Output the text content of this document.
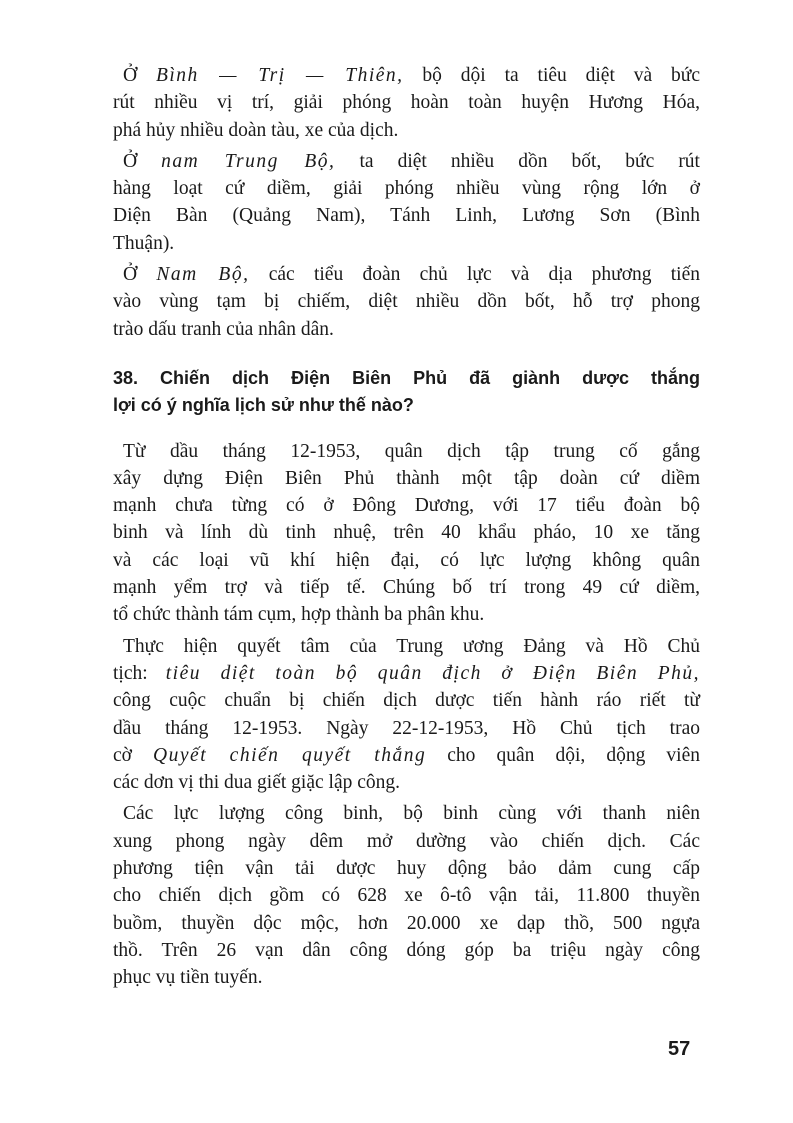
Ở Bình — Trị — Thiên, bộ dội ta tiêu diệt và bức
rút nhiều vị trí, giải phóng hoàn toàn huyện Hương Hóa,
phá hủy nhiều doàn tàu, xe của dịch.
Ở nam Trung Bộ, ta diệt nhiều dồn bốt, bức rút
hàng loạt cứ diềm, giải phóng nhiều vùng rộng lớn ở
Diện Bàn (Quảng Nam), Tánh Linh, Lương Sơn (Bình
Thuận).
Ở Nam Bộ, các tiểu đoàn chủ lực và dịa phương tiến
vào vùng tạm bị chiếm, diệt nhiều dồn bốt, hỗ trợ phong
trào dấu tranh của nhân dân.
38. Chiến dịch Điện Biên Phủ đã giành dược thắng
lợi có ý nghĩa lịch sử như thế nào?
Từ dầu tháng 12-1953, quân dịch tập trung cố gắng
xây dựng Điện Biên Phủ thành một tập doàn cứ diềm
mạnh chưa từng có ở Đông Dương, với 17 tiểu đoàn bộ
binh và lính dù tinh nhuệ, trên 40 khẩu pháo, 10 xe tăng
và các loại vũ khí hiện đại, có lực lượng không quân
mạnh yểm trợ và tiếp tế. Chúng bố trí trong 49 cứ diềm,
tổ chức thành tám cụm, hợp thành ba phân khu.
Thực hiện quyết tâm của Trung ương Đảng và Hồ Chủ
tịch: tiêu diệt toàn bộ quân địch ở Điện Biên Phủ,
công cuộc chuẩn bị chiến dịch dược tiến hành ráo riết từ
dầu tháng 12-1953. Ngày 22-12-1953, Hồ Chủ tịch trao
cờ Quyết chiến quyết thắng cho quân dội, dộng viên
các dơn vị thi dua giết giặc lập công.
Các lực lượng công binh, bộ binh cùng với thanh niên
xung phong ngày dêm mở dường vào chiến dịch. Các
phương tiện vận tải dược huy dộng bảo dảm cung cấp
cho chiến dịch gồm có 628 xe ô-tô vận tải, 11.800 thuyền
buồm, thuyền dộc mộc, hơn 20.000 xe dạp thồ, 500 ngựa
thồ. Trên 26 vạn dân công dóng góp ba triệu ngày công
phục vụ tiền tuyến.
57
